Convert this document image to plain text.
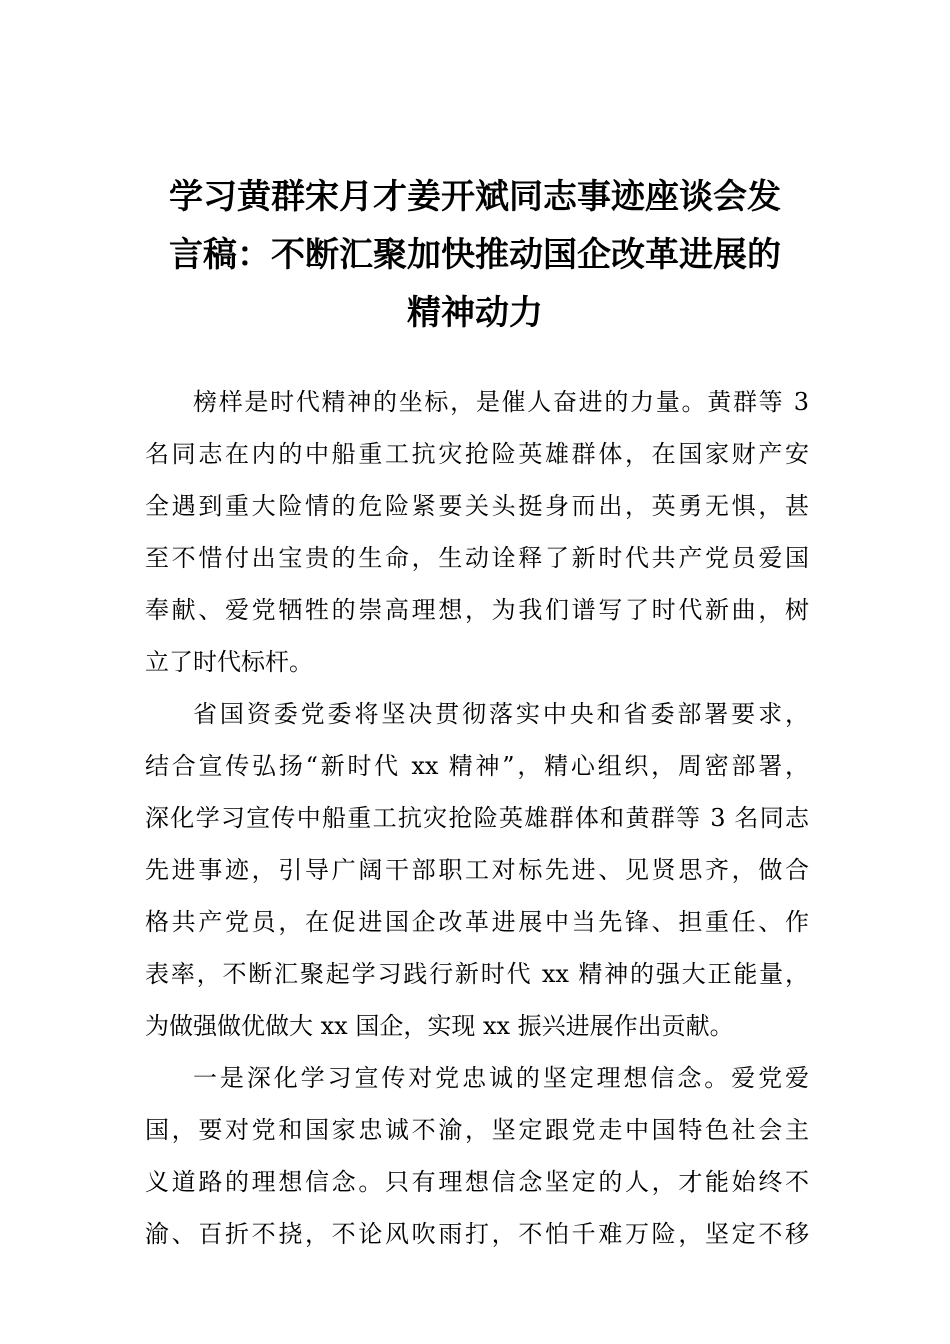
学习黄群宋月才姜开斌同志事迹座谈会发
言稿：不断汇聚加快推动国企改革进展的
精神动力

榜样是时代精神的坐标，是催人奋进的力量。黄群等 3
名同志在内的中船重工抗灾抢险英雄群体，在国家财产安
全遇到重大险情的危险紧要关头挺身而出，英勇无惧，甚
至不惜付出宝贵的生命，生动诠释了新时代共产党员爱国
奉献、爱党牺牲的崇高理想，为我们谱写了时代新曲，树
立了时代标杆。

省国资委党委将坚决贯彻落实中央和省委部署要求，
结合宣传弘扬“新时代 xx 精神”，精心组织，周密部署，
深化学习宣传中船重工抗灾抢险英雄群体和黄群等 3 名同志
先进事迹，引导广阔干部职工对标先进、见贤思齐，做合
格共产党员，在促进国企改革进展中当先锋、担重任、作
表率，不断汇聚起学习践行新时代 xx 精神的强大正能量，
为做强做优做大 xx 国企，实现 xx 振兴进展作出贡献。

一是深化学习宣传对党忠诚的坚定理想信念。爱党爱
国，要对党和国家忠诚不渝，坚定跟党走中国特色社会主
义道路的理想信念。只有理想信念坚定的人，才能始终不
渝、百折不挠，不论风吹雨打，不怕千难万险，坚定不移
